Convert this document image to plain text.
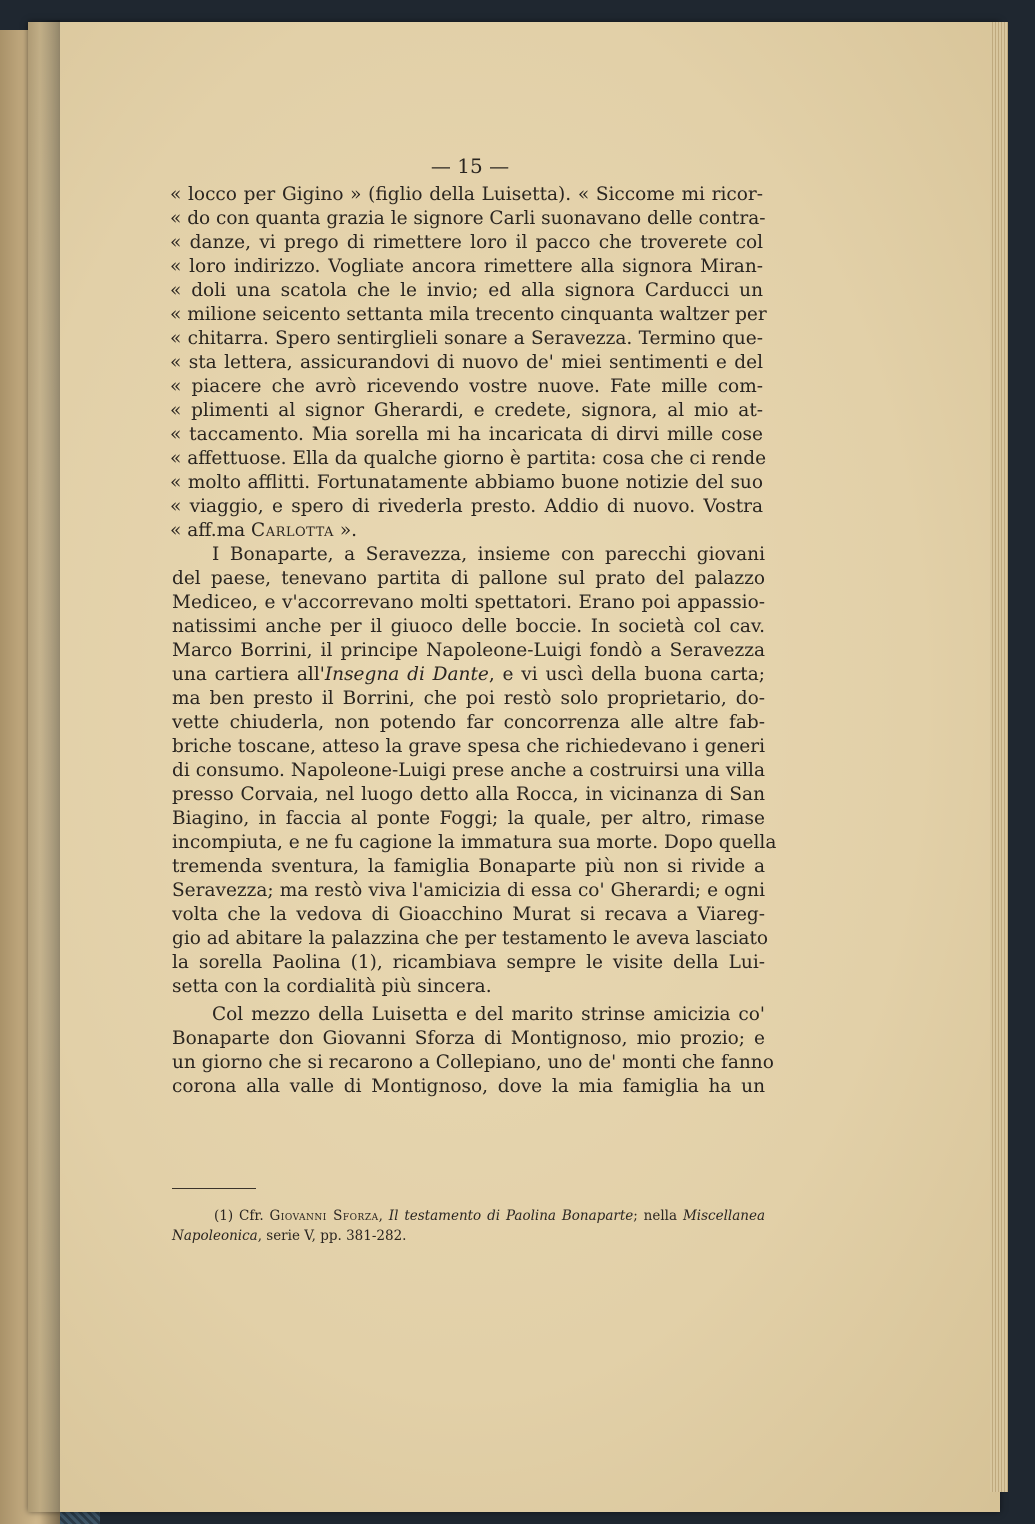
— 15 —
« locco per Gigino » (figlio della Luisetta). « Siccome mi ricor-
« do con quanta grazia le signore Carli suonavano delle contra-
« danze, vi prego di rimettere loro il pacco che troverete col
« loro indirizzo. Vogliate ancora rimettere alla signora Miran-
« doli una scatola che le invio; ed alla signora Carducci un
« milione seicento settanta mila trecento cinquanta waltzer per
« chitarra. Spero sentirglieli sonare a Seravezza. Termino que-
« sta lettera, assicurandovi di nuovo de' miei sentimenti e del
« piacere che avrò ricevendo vostre nuove. Fate mille com-
« plimenti al signor Gherardi, e credete, signora, al mio at-
« taccamento. Mia sorella mi ha incaricata di dirvi mille cose
« affettuose. Ella da qualche giorno è partita: cosa che ci rende
« molto afflitti. Fortunatamente abbiamo buone notizie del suo
« viaggio, e spero di rivederla presto. Addio di nuovo. Vostra
« aff.ma Carlotta ».
I Bonaparte, a Seravezza, insieme con parecchi giovani
del paese, tenevano partita di pallone sul prato del palazzo
Mediceo, e v'accorrevano molti spettatori. Erano poi appassio-
natissimi anche per il giuoco delle boccie. In società col cav.
Marco Borrini, il principe Napoleone-Luigi fondò a Seravezza
una cartiera all'Insegna di Dante, e vi uscì della buona carta;
ma ben presto il Borrini, che poi restò solo proprietario, do-
vette chiuderla, non potendo far concorrenza alle altre fab-
briche toscane, atteso la grave spesa che richiedevano i generi
di consumo. Napoleone-Luigi prese anche a costruirsi una villa
presso Corvaia, nel luogo detto alla Rocca, in vicinanza di San
Biagino, in faccia al ponte Foggi; la quale, per altro, rimase
incompiuta, e ne fu cagione la immatura sua morte. Dopo quella
tremenda sventura, la famiglia Bonaparte più non si rivide a
Seravezza; ma restò viva l'amicizia di essa co' Gherardi; e ogni
volta che la vedova di Gioacchino Murat si recava a Viareg-
gio ad abitare la palazzina che per testamento le aveva lasciato
la sorella Paolina (1), ricambiava sempre le visite della Lui-
setta con la cordialità più sincera.
Col mezzo della Luisetta e del marito strinse amicizia co'
Bonaparte don Giovanni Sforza di Montignoso, mio prozio; e
un giorno che si recarono a Collepiano, uno de' monti che fanno
corona alla valle di Montignoso, dove la mia famiglia ha un
(1) Cfr. Giovanni Sforza, Il testamento di Paolina Bonaparte; nella Miscellanea
Napoleonica, serie V, pp. 381-282.
